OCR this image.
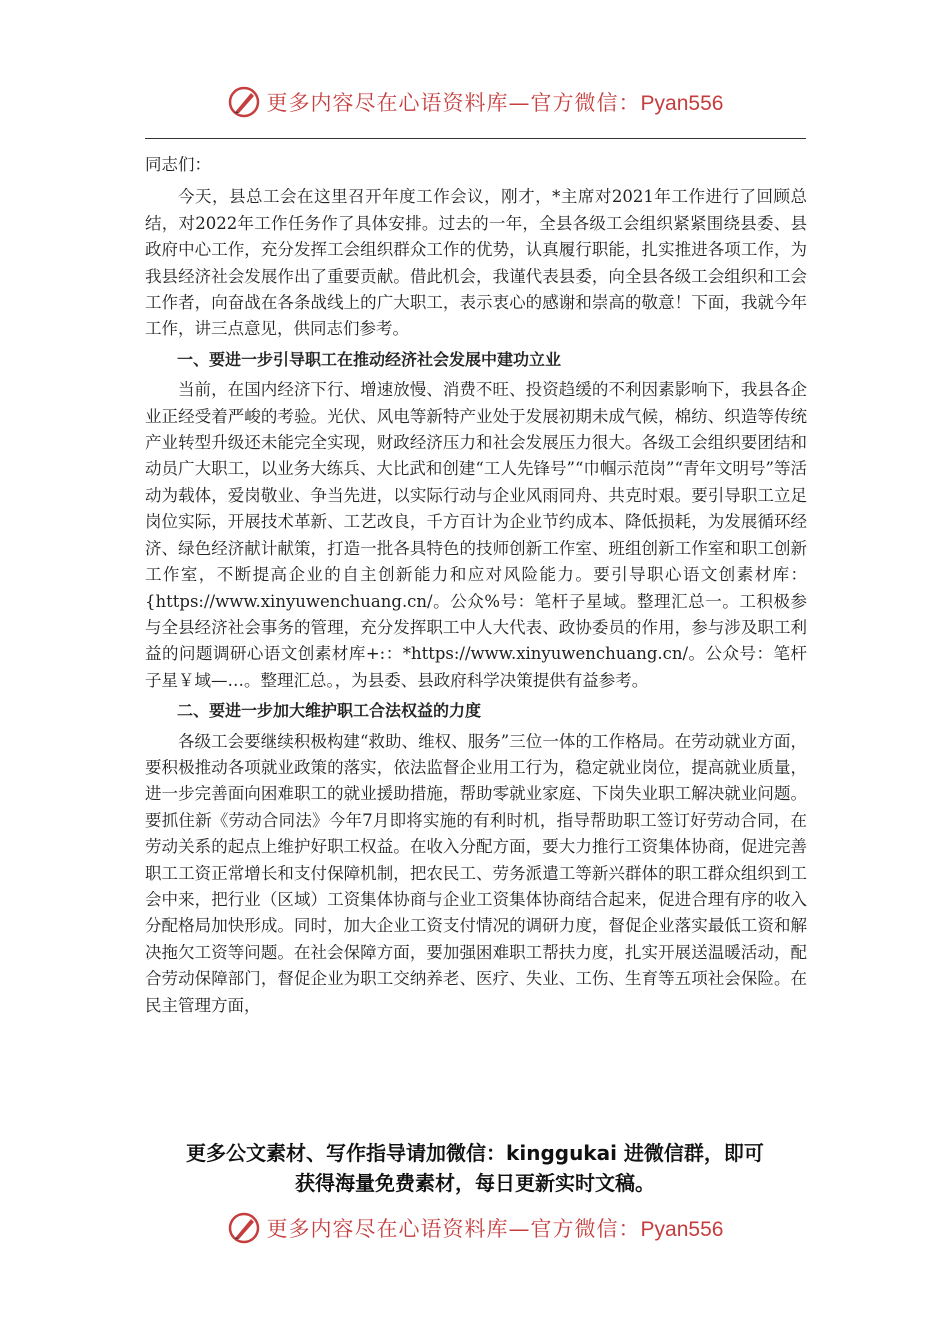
更多内容尽在心语资料库—官方微信：Pyan556

同志们：

今天，县总工会在这里召开年度工作会议，刚才，*主席对2021年工作进行了回顾总结，对2022年工作任务作了具体安排。过去的一年，全县各级工会组织紧紧围绕县委、县政府中心工作，充分发挥工会组织群众工作的优势，认真履行职能，扎实推进各项工作，为我县经济社会发展作出了重要贡献。借此机会，我谨代表县委，向全县各级工会组织和工会工作者，向奋战在各条战线上的广大职工，表示衷心的感谢和崇高的敬意！下面，我就今年工作，讲三点意见，供同志们参考。

一、要进一步引导职工在推动经济社会发展中建功立业

当前，在国内经济下行、增速放慢、消费不旺、投资趋缓的不利因素影响下，我县各企业正经受着严峻的考验。光伏、风电等新特产业处于发展初期未成气候，棉纺、织造等传统产业转型升级还未能完全实现，财政经济压力和社会发展压力很大。各级工会组织要团结和动员广大职工，以业务大练兵、大比武和创建“工人先锋号”“巾帼示范岗”“青年文明号”等活动为载体，爱岗敬业、争当先进，以实际行动与企业风雨同舟、共克时艰。要引导职工立足岗位实际，开展技术革新、工艺改良，千方百计为企业节约成本、降低损耗，为发展循环经济、绿色经济献计献策，打造一批各具特色的技师创新工作室、班组创新工作室和职工创新工作室，不断提高企业的自主创新能力和应对风险能力。要引导职心语文创素材库：{https://www.xinyuwenchuang.cn/。公众%号：笔杆子星域。整理汇总一。工积极参与全县经济社会事务的管理，充分发挥职工中人大代表、政协委员的作用，参与涉及职工利益的问题调研心语文创素材库+:：*https://www.xinyuwenchuang.cn/。公众号：笔杆子星￥域—…。整理汇总。，为县委、县政府科学决策提供有益参考。

二、要进一步加大维护职工合法权益的力度

各级工会要继续积极构建“救助、维权、服务”三位一体的工作格局。在劳动就业方面，要积极推动各项就业政策的落实，依法监督企业用工行为，稳定就业岗位，提高就业质量，进一步完善面向困难职工的就业援助措施，帮助零就业家庭、下岗失业职工解决就业问题。要抓住新《劳动合同法》今年7月即将实施的有利时机，指导帮助职工签订好劳动合同，在劳动关系的起点上维护好职工权益。在收入分配方面，要大力推行工资集体协商，促进完善职工工资正常增长和支付保障机制，把农民工、劳务派遣工等新兴群体的职工群众组织到工会中来，把行业（区域）工资集体协商与企业工资集体协商结合起来，促进合理有序的收入分配格局加快形成。同时，加大企业工资支付情况的调研力度，督促企业落实最低工资和解决拖欠工资等问题。在社会保障方面，要加强困难职工帮扶力度，扎实开展送温暖活动，配合劳动保障部门，督促企业为职工交纳养老、医疗、失业、工伤、生育等五项社会保险。在民主管理方面，

更多公文素材、写作指导请加微信：kinggukai 进微信群，即可
获得海量免费素材，每日更新实时文稿。
更多内容尽在心语资料库—官方微信：Pyan556
